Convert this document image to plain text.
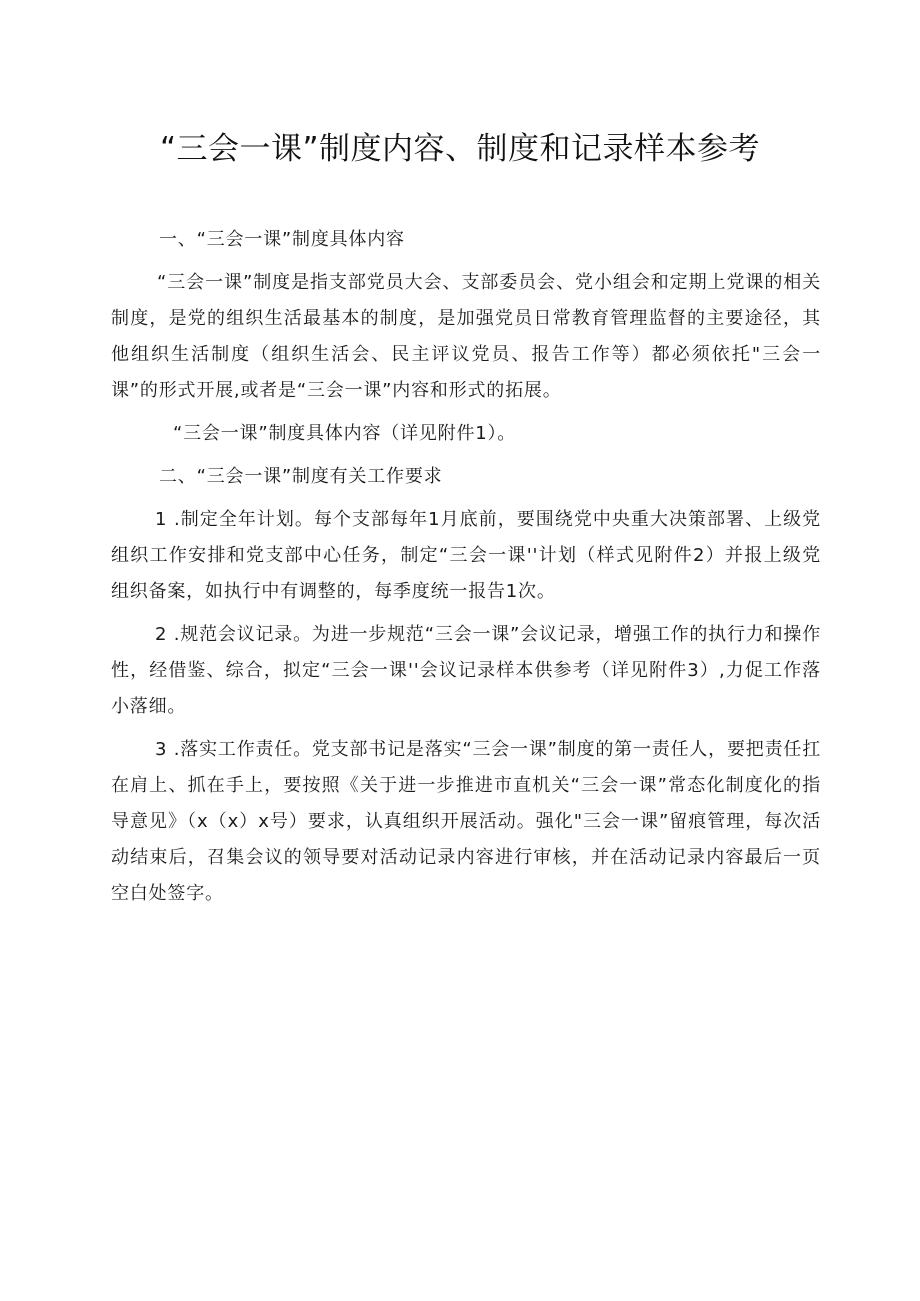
“三会一课”制度内容、制度和记录样本参考

一、“三会一课”制度具体内容

“三会一课”制度是指支部党员大会、支部委员会、党小组会和定期上党课的相关制度，是党的组织生活最基本的制度，是加强党员日常教育管理监督的主要途径，其他组织生活制度（组织生活会、民主评议党员、报告工作等）都必须依托"三会一课”的形式开展,或者是“三会一课”内容和形式的拓展。

“三会一课”制度具体内容（详见附件1）。

二、“三会一课”制度有关工作要求

1 .制定全年计划。每个支部每年1月底前，要围绕党中央重大决策部署、上级党组织工作安排和党支部中心任务，制定“三会一课''计划（样式见附件2）并报上级党组织备案，如执行中有调整的，每季度统一报告1次。

2 .规范会议记录。为进一步规范“三会一课”会议记录，增强工作的执行力和操作性，经借鉴、综合，拟定“三会一课''会议记录样本供参考（详见附件3）,力促工作落小落细。

3 .落实工作责任。党支部书记是落实“三会一课”制度的第一责任人，要把责任扛在肩上、抓在手上，要按照《关于进一步推进市直机关“三会一课”常态化制度化的指导意见》（x（x）x号）要求，认真组织开展活动。强化"三会一课”留痕管理，每次活动结束后，召集会议的领导要对活动记录内容进行审核，并在活动记录内容最后一页空白处签字。
